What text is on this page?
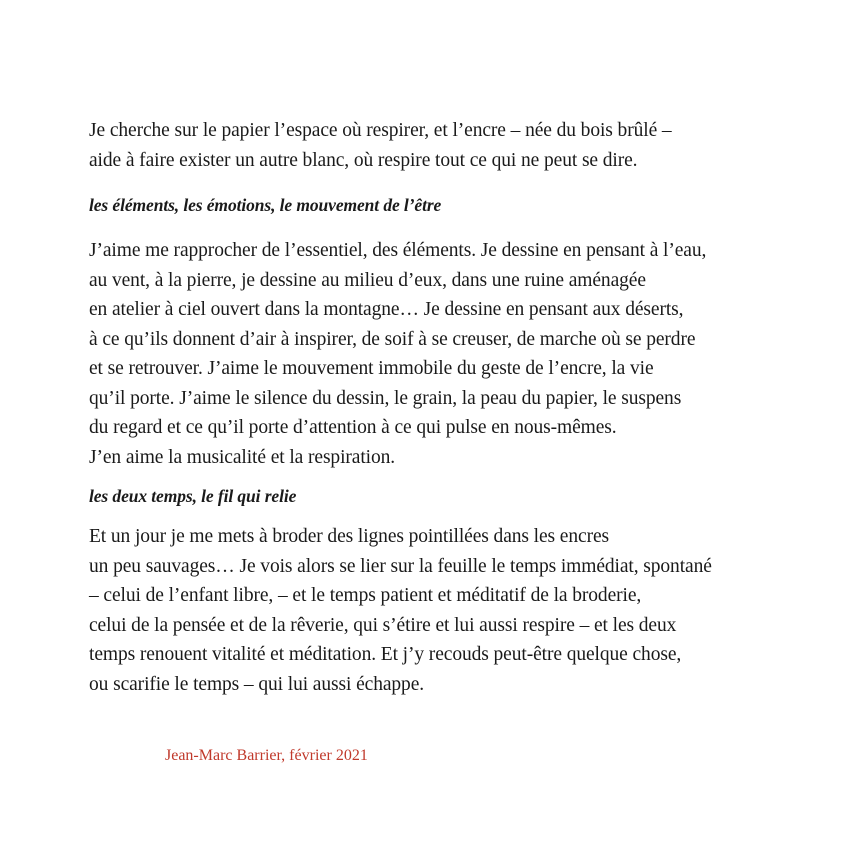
Je cherche sur le papier l’espace où respirer, et l’encre – née du bois brûlé –
aide à faire exister un autre blanc, où respire tout ce qui ne peut se dire.
les éléments, les émotions, le mouvement de l’être
J’aime me rapprocher de l’essentiel, des éléments. Je dessine en pensant à l’eau,
au vent, à la pierre, je dessine au milieu d’eux, dans une ruine aménagée
en atelier à ciel ouvert dans la montagne… Je dessine en pensant aux déserts,
à ce qu’ils donnent d’air à inspirer, de soif à se creuser, de marche où se perdre
et se retrouver. J’aime le mouvement immobile du geste de l’encre, la vie
qu’il porte. J’aime le silence du dessin, le grain, la peau du papier, le suspens
du regard et ce qu’il porte d’attention à ce qui pulse en nous-mêmes.
J’en aime la musicalité et la respiration.
les deux temps, le fil qui relie
Et un jour je me mets à broder des lignes pointillées dans les encres
un peu sauvages… Je vois alors se lier sur la feuille le temps immédiat, spontané
– celui de l’enfant libre, – et le temps patient et méditatif de la broderie,
celui de la pensée et de la rêverie, qui s’étire et lui aussi respire – et les deux
temps renouent vitalité et méditation. Et j’y recouds peut-être quelque chose,
ou scarifie le temps – qui lui aussi échappe.
Jean-Marc Barrier, février 2021
